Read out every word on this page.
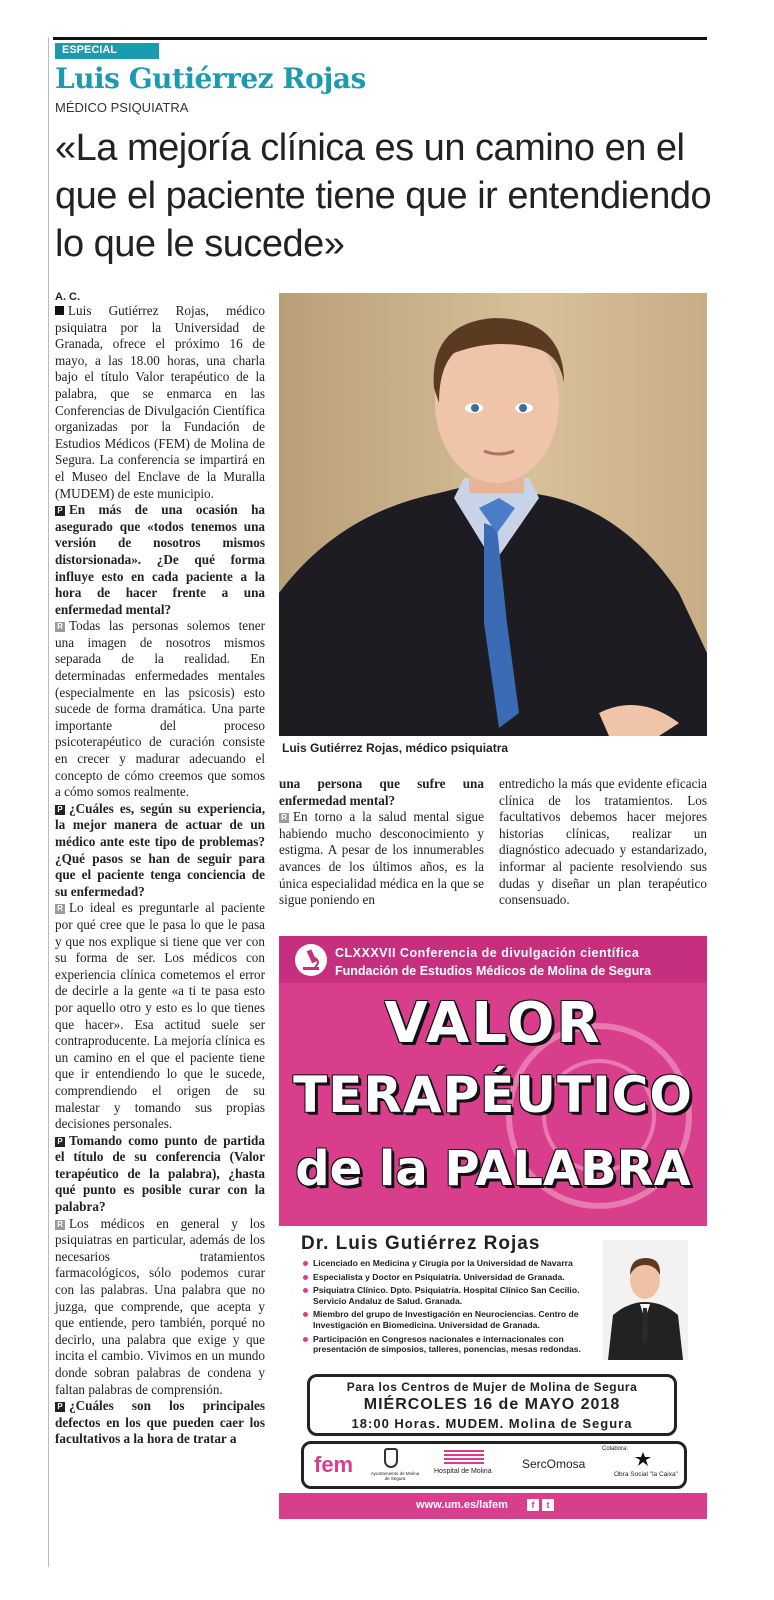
ESPECIAL
Luis Gutiérrez Rojas
MÉDICO PSIQUIATRA
«La mejoría clínica es un camino en el que el paciente tiene que ir entendiendo lo que le sucede»

A. C.

Luis Gutiérrez Rojas, médico psiquiatra por la Universidad de Granada, ofrece el próximo 16 de mayo, a las 18.00 horas, una charla bajo el título Valor terapéutico de la palabra, que se enmarca en las Conferencias de Divulgación Científica organizadas por la Fundación de Estudios Médicos (FEM) de Molina de Segura. La conferencia se impartirá en el Museo del Enclave de la Muralla (MUDEM) de este municipio.

P En más de una ocasión ha asegurado que «todos tenemos una versión de nosotros mismos distorsionada». ¿De qué forma influye esto en cada paciente a la hora de hacer frente a una enfermedad mental?

R Todas las personas solemos tener una imagen de nosotros mismos separada de la realidad. En determinadas enfermedades mentales (especialmente en las psicosis) esto sucede de forma dramática. Una parte importante del proceso psicoterapéutico de curación consiste en crecer y madurar adecuando el concepto de cómo creemos que somos a cómo somos realmente.

P ¿Cuáles es, según su experiencia, la mejor manera de actuar de un médico ante este tipo de problemas? ¿Qué pasos se han de seguir para que el paciente tenga conciencia de su enfermedad?

R Lo ideal es preguntarle al paciente por qué cree que le pasa lo que le pasa y que nos explique si tiene que ver con su forma de ser. Los médicos con experiencia clínica cometemos el error de decirle a la gente «a ti te pasa esto por aquello otro y esto es lo que tienes que hacer». Esa actitud suele ser contraproducente. La mejoría clínica es un camino en el que el paciente tiene que ir entendiendo lo que le sucede, comprendiendo el origen de su malestar y tomando sus propias decisiones personales.

P Tomando como punto de partida el título de su conferencia (Valor terapéutico de la palabra), ¿hasta qué punto es posible curar con la palabra?

R Los médicos en general y los psiquiatras en particular, además de los necesarios tratamientos farmacológicos, sólo podemos curar con las palabras. Una palabra que no juzga, que comprende, que acepta y que entiende, pero también, porqué no decirlo, una palabra que exige y que incita el cambio. Vivimos en un mundo donde sobran palabras de condena y faltan palabras de comprensión.

P ¿Cuáles son los principales defectos en los que pueden caer los facultativos a la hora de tratar a

Luis Gutiérrez Rojas, médico psiquiatra

una persona que sufre una enfermedad mental?

R En torno a la salud mental sigue habiendo mucho desconocimiento y estigma. A pesar de los innumerables avances de los últimos años, es la única especialidad médica en la que se sigue poniendo en

entredicho la más que evidente eficacia clínica de los tratamientos. Los facultativos debemos hacer mejores historias clínicas, realizar un diagnóstico adecuado y estandarizado, informar al paciente resolviendo sus dudas y diseñar un plan terapéutico consensuado.

CLXXXVII Conferencia de divulgación científica
Fundación de Estudios Médicos de Molina de Segura
VALOR
TERAPÉUTICO
de la PALABRA
Dr. Luis Gutiérrez Rojas
Licenciado en Medicina y Cirugía por la Universidad de Navarra
Especialista y Doctor en Psiquiatría. Universidad de Granada.
Psiquiatra Clínico. Dpto. Psiquiatría. Hospital Clínico San Cecilio. Servicio Andaluz de Salud. Granada.
Miembro del grupo de Investigación en Neurociencias. Centro de Investigación en Biomedicina. Universidad de Granada.
Participación en Congresos nacionales e internacionales con presentación de simposios, talleres, ponencias, mesas redondas.
Para los Centros de Mujer de Molina de Segura
MIÉRCOLES 16 de MAYO 2018
18:00 Horas. MUDEM. Molina de Segura
fem	Ayuntamiento de Molina de Segura
Hospital de Molina
SercOmosa
Colabora:
Obra Social "la Caixa"
www.um.es/lafem	f	t
